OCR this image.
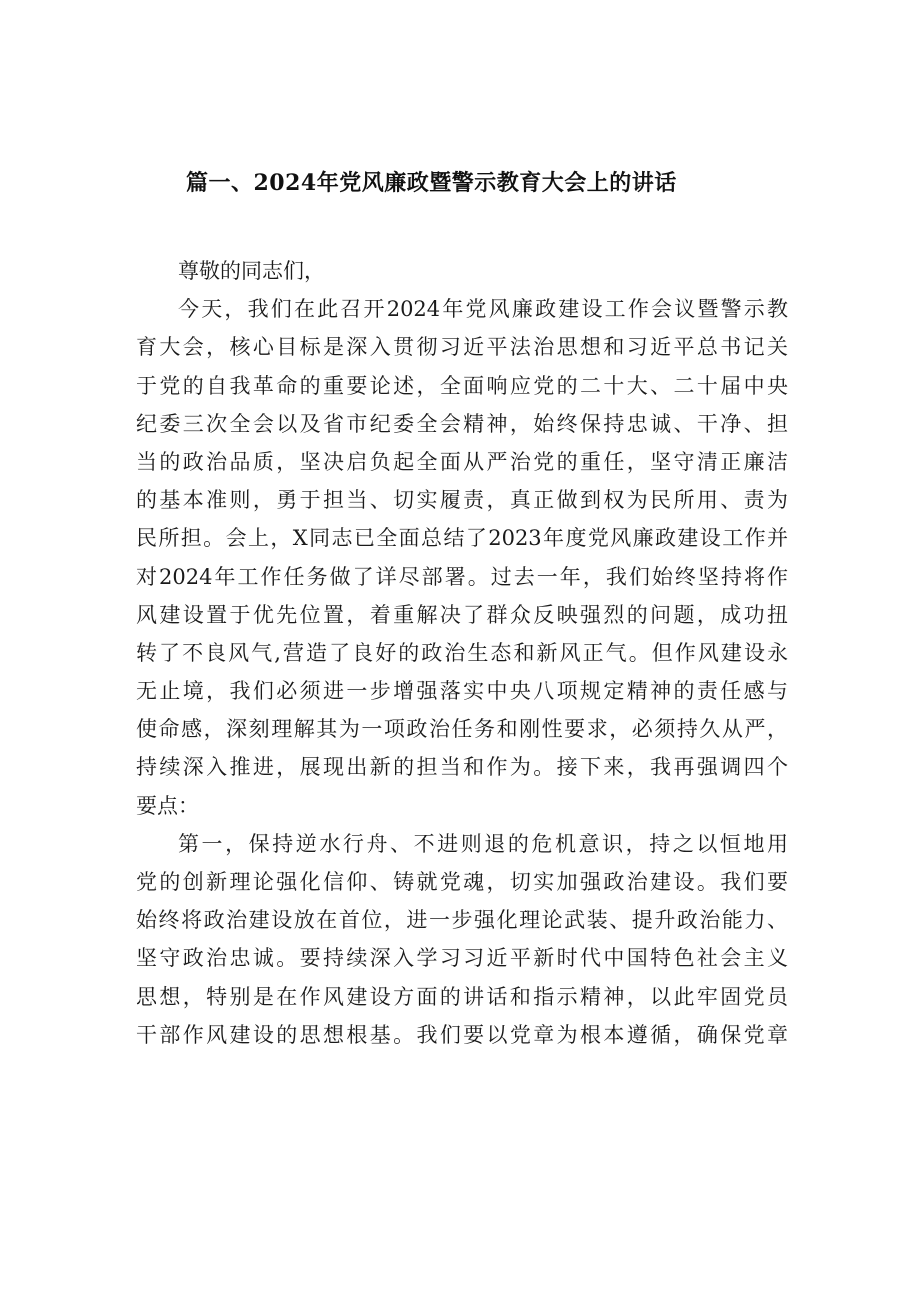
篇一、2024年党风廉政暨警示教育大会上的讲话
尊敬的同志们，
今天，我们在此召开2024年党风廉政建设工作会议暨警示教
育大会，核心目标是深入贯彻习近平法治思想和习近平总书记关
于党的自我革命的重要论述，全面响应党的二十大、二十届中央
纪委三次全会以及省市纪委全会精神，始终保持忠诚、干净、担
当的政治品质，坚决启负起全面从严治党的重任，坚守清正廉洁
的基本准则，勇于担当、切实履责，真正做到权为民所用、责为
民所担。会上，X同志已全面总结了2023年度党风廉政建设工作并
对2024年工作任务做了详尽部署。过去一年，我们始终坚持将作
风建设置于优先位置，着重解决了群众反映强烈的问题，成功扭
转了不良风气,营造了良好的政治生态和新风正气。但作风建设永
无止境，我们必须进一步增强落实中央八项规定精神的责任感与
使命感，深刻理解其为一项政治任务和刚性要求，必须持久从严，
持续深入推进，展现出新的担当和作为。接下来，我再强调四个
要点：
第一，保持逆水行舟、不进则退的危机意识，持之以恒地用
党的创新理论强化信仰、铸就党魂，切实加强政治建设。我们要
始终将政治建设放在首位，进一步强化理论武装、提升政治能力、
坚守政治忠诚。要持续深入学习习近平新时代中国特色社会主义
思想，特别是在作风建设方面的讲话和指示精神，以此牢固党员
干部作风建设的思想根基。我们要以党章为根本遵循，确保党章
